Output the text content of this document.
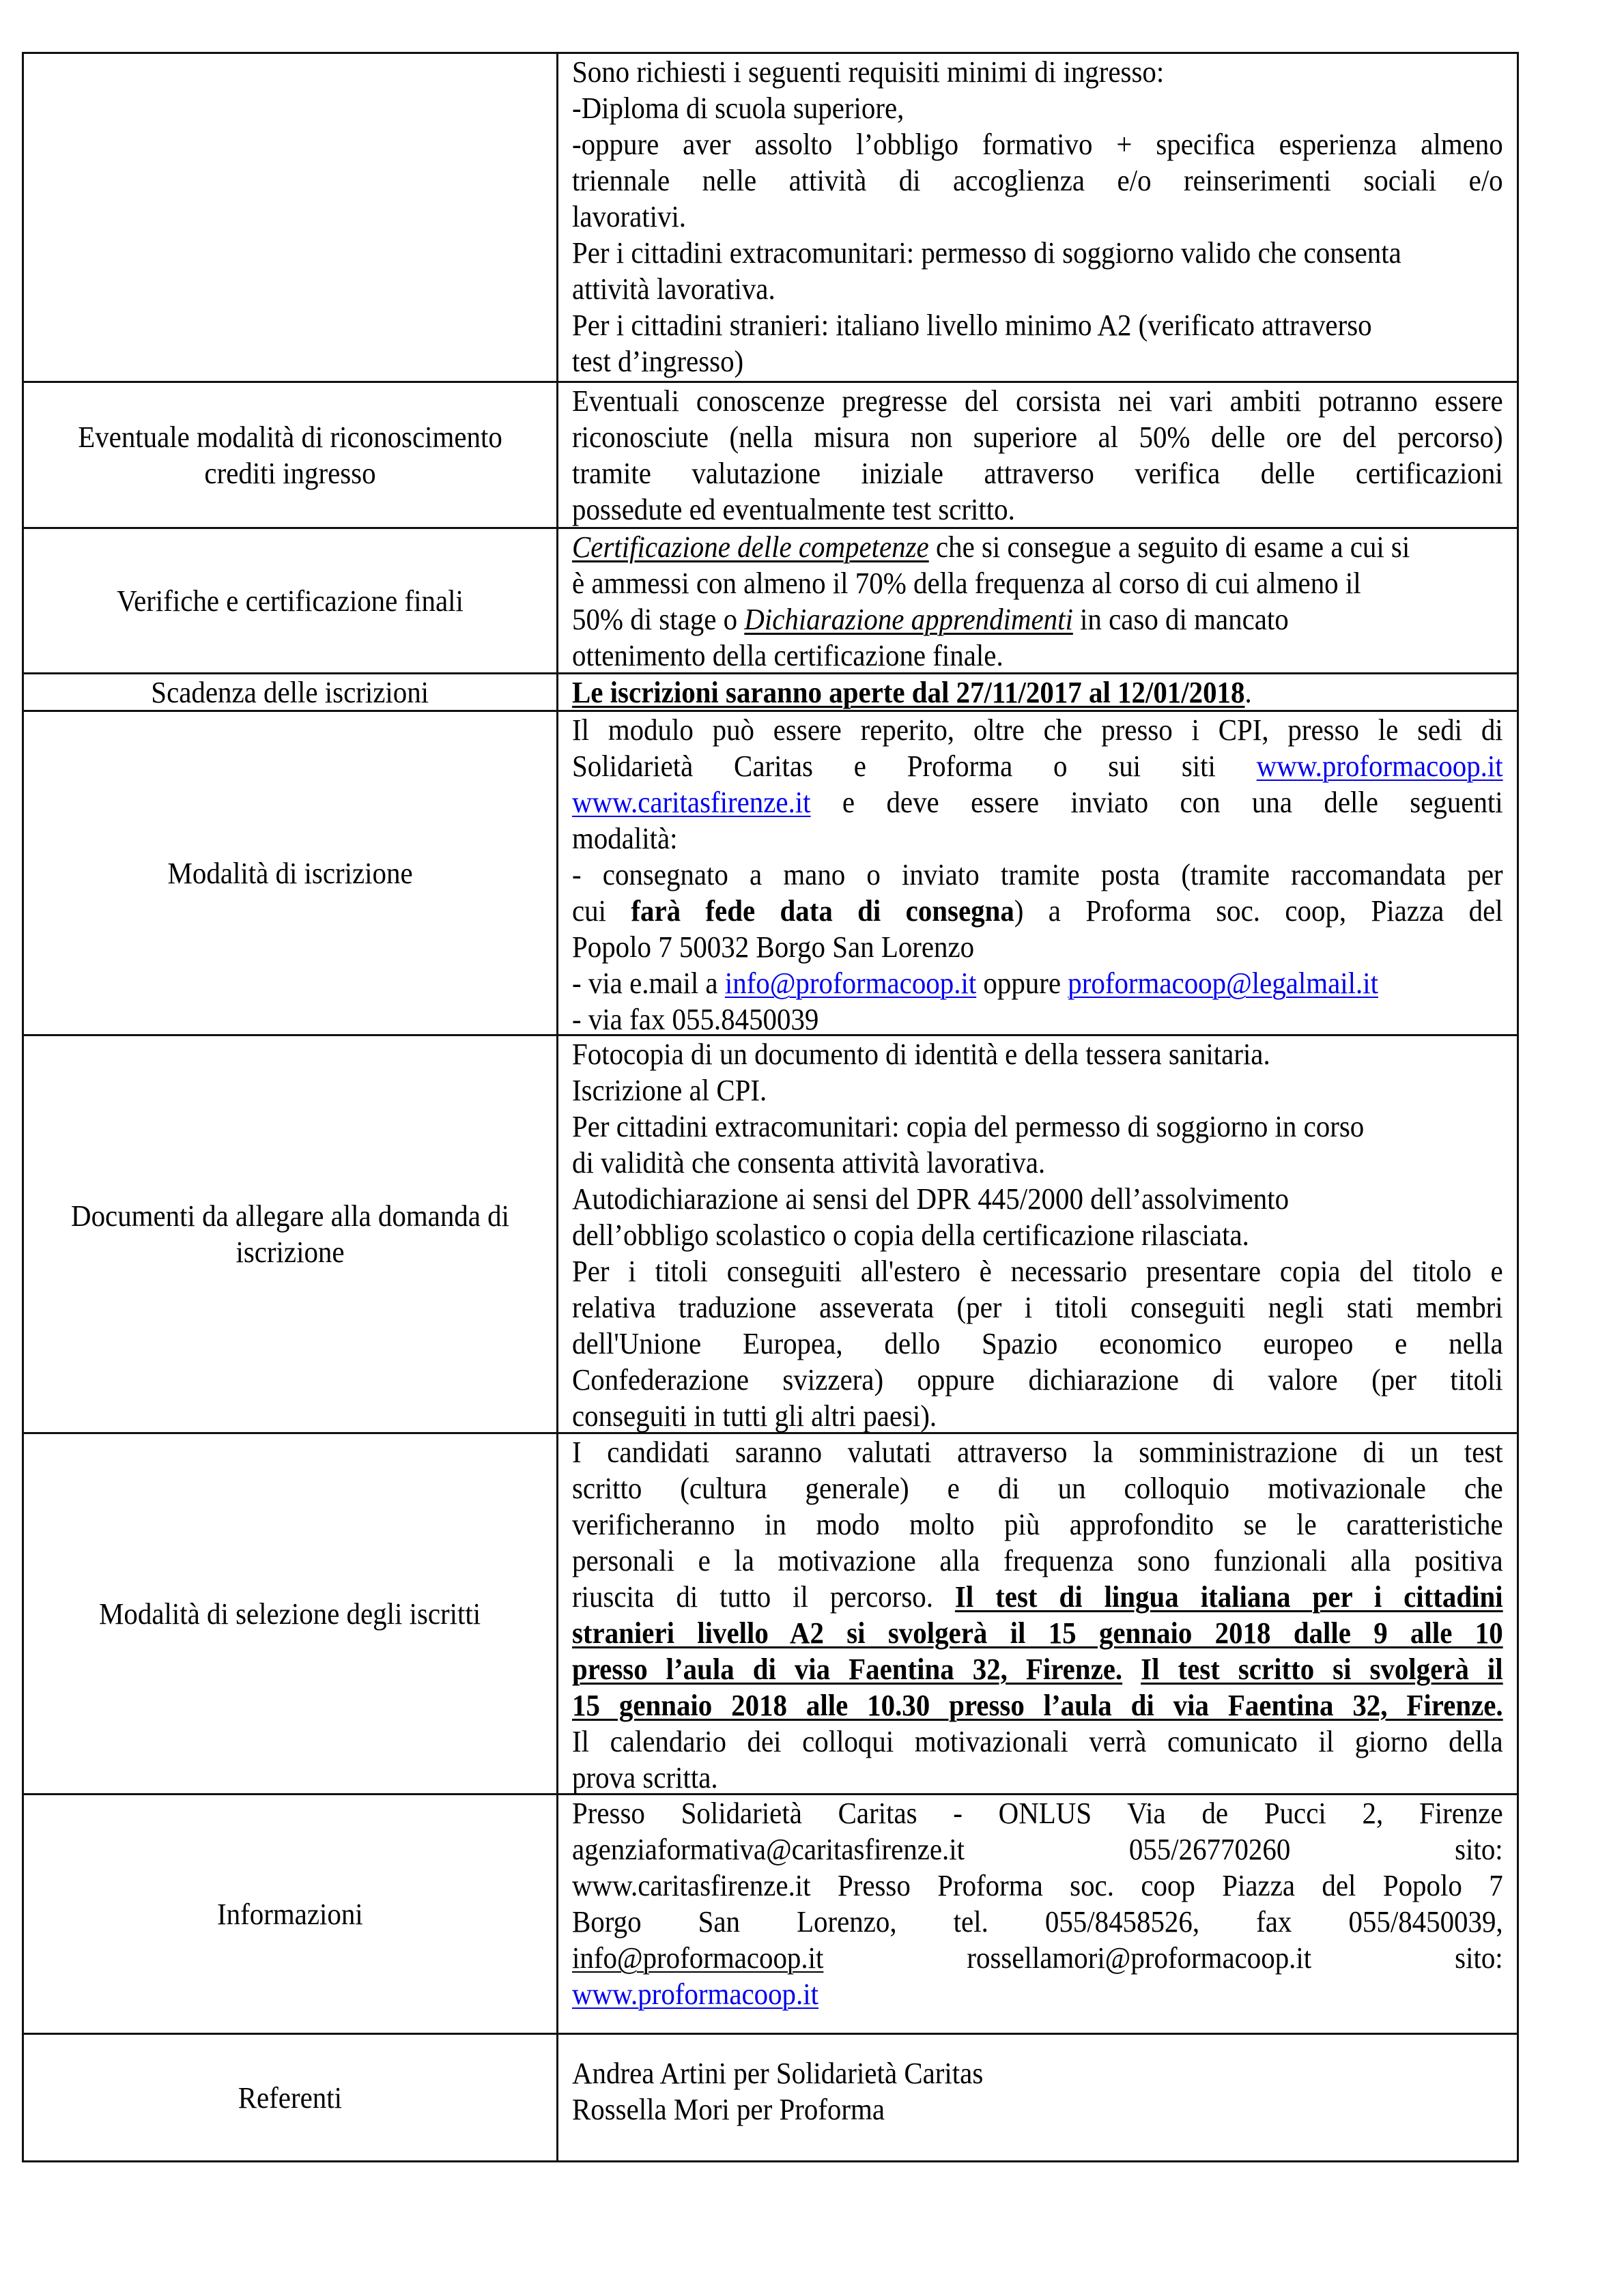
Sono richiesti i seguenti requisiti minimi di ingresso:
-Diploma di scuola superiore,
-oppure aver assolto l’obbligo formativo + specifica esperienza almeno
triennale nelle attività di accoglienza e/o reinserimenti sociali e/o
lavorativi.
Per i cittadini extracomunitari: permesso di soggiorno valido che consenta
attività lavorativa.
Per i cittadini stranieri: italiano livello minimo A2 (verificato attraverso
test d’ingresso)
Eventuale modalità di riconoscimento crediti ingresso
Eventuali conoscenze pregresse del corsista nei vari ambiti potranno essere
riconosciute (nella misura non superiore al 50% delle ore del percorso)
tramite valutazione iniziale attraverso verifica delle certificazioni
possedute ed eventualmente test scritto.
Verifiche e certificazione finali
Certificazione delle competenze che si consegue a seguito di esame a cui si
è ammessi con almeno il 70% della frequenza al corso di cui almeno il
50% di stage o Dichiarazione apprendimenti in caso di mancato
ottenimento della certificazione finale.
Scadenza delle iscrizioni	Le iscrizioni saranno aperte dal 27/11/2017 al 12/01/2018.
Modalità di iscrizione
Il modulo può essere reperito, oltre che presso i CPI, presso le sedi di
Solidarietà Caritas e Proforma o sui siti www.proformacoop.it
www.caritasfirenze.it e deve essere inviato con una delle seguenti
modalità:
- consegnato a mano o inviato tramite posta (tramite raccomandata per
cui farà fede data di consegna) a Proforma soc. coop, Piazza del
Popolo 7 50032 Borgo San Lorenzo
- via e.mail a info@proformacoop.it oppure proformacoop@legalmail.it
- via fax 055.8450039
Documenti da allegare alla domanda di iscrizione
Fotocopia di un documento di identità e della tessera sanitaria.
Iscrizione al CPI.
Per cittadini extracomunitari: copia del permesso di soggiorno in corso
di validità che consenta attività lavorativa.
Autodichiarazione ai sensi del DPR 445/2000 dell’assolvimento
dell’obbligo scolastico o copia della certificazione rilasciata.
Per i titoli conseguiti all'estero è necessario presentare copia del titolo e
relativa traduzione asseverata (per i titoli conseguiti negli stati membri
dell'Unione Europea, dello Spazio economico europeo e nella
Confederazione svizzera) oppure dichiarazione di valore (per titoli
conseguiti in tutti gli altri paesi).
Modalità di selezione degli iscritti
I candidati saranno valutati attraverso la somministrazione di un test
scritto (cultura generale) e di un colloquio motivazionale che
verificheranno in modo molto più approfondito se le caratteristiche
personali e la motivazione alla frequenza sono funzionali alla positiva
riuscita di tutto il percorso. Il test di lingua italiana per i cittadini
stranieri livello A2 si svolgerà il 15 gennaio 2018 dalle 9 alle 10
presso l’aula di via Faentina 32, Firenze. Il test scritto si svolgerà il
15 gennaio 2018 alle 10.30 presso l’aula di via Faentina 32, Firenze.
Il calendario dei colloqui motivazionali verrà comunicato il giorno della
prova scritta.
Informazioni
Presso Solidarietà Caritas - ONLUS Via de Pucci 2, Firenze
agenziaformativa@caritasfirenze.it 055/26770260 sito:
www.caritasfirenze.it Presso Proforma soc. coop Piazza del Popolo 7
Borgo San Lorenzo, tel. 055/8458526, fax 055/8450039,
info@proformacoop.it	rossellamori@proformacoop.it sito:
www.proformacoop.it
Referenti
Andrea Artini per Solidarietà Caritas
Rossella Mori per Proforma
